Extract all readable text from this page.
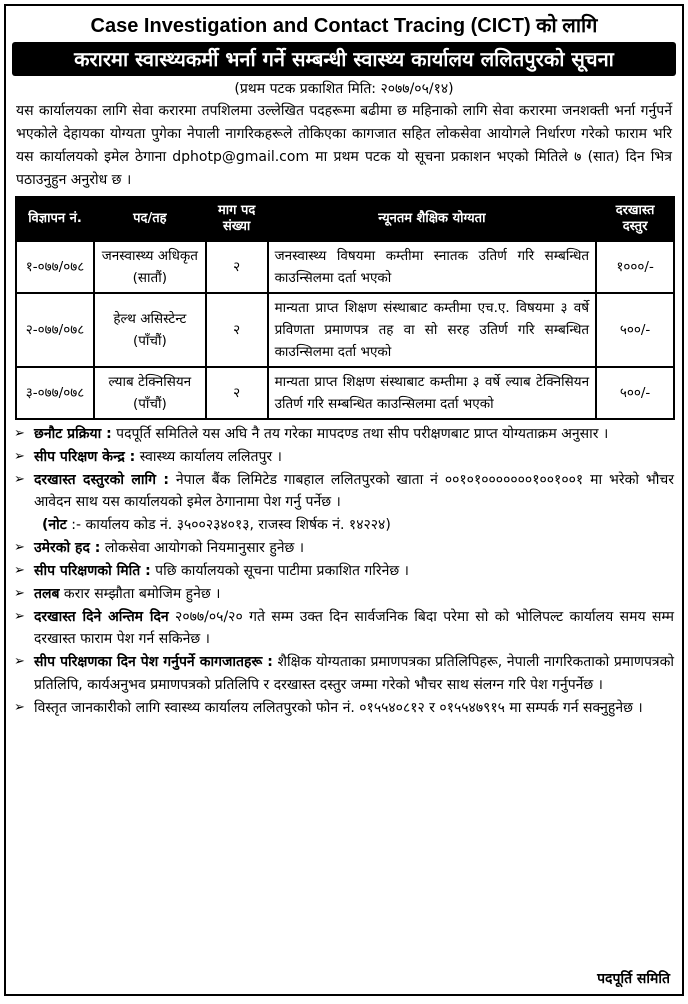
Case Investigation and Contact Tracing (CICT) को लागि
करारमा स्वास्थ्यकर्मी भर्ना गर्ने सम्बन्धी स्वास्थ्य कार्यालय ललितपुरको सूचना
(प्रथम पटक प्रकाशित मिति: २०७७/०५/१४)
यस कार्यालयका लागि सेवा करारमा तपशिलमा उल्लेखित पदहरूमा बढीमा छ महिनाको लागि सेवा करारमा जनशक्ती भर्ना गर्नुपर्ने भएकोले देहायका योग्यता पुगेका नेपाली नागरिकहरूले तोकिएका कागजात सहित लोकसेवा आयोगले निर्धारण गरेको फाराम भरि यस कार्यालयको इमेल ठेगाना dphotp@gmail.com मा प्रथम पटक यो सूचना प्रकाशन भएको मितिले ७ (सात) दिन भित्र पठाउनुहुन अनुरोध छ ।
विज्ञापन नं.	पद/तह	माग पद संख्या	न्यूनतम शैक्षिक योग्यता	दरखास्त दस्तुर
१-०७७/०७८	जनस्वास्थ्य अधिकृत (सातौं)	२	जनस्वास्थ्य विषयमा कम्तीमा स्नातक उतिर्ण गरि सम्बन्धित काउन्सिलमा दर्ता भएको	१०००/-
२-०७७/०७८	हेल्थ असिस्टेन्ट (पाँचौं)	२	मान्यता प्राप्त शिक्षण संस्थाबाट कम्तीमा एच.ए. विषयमा ३ वर्षे प्रविणता प्रमाणपत्र तह वा सो सरह उतिर्ण गरि सम्बन्धित काउन्सिलमा दर्ता भएको	५००/-
३-०७७/०७८	ल्याब टेक्निसियन (पाँचौं)	२	मान्यता प्राप्त शिक्षण संस्थाबाट कम्तीमा ३ वर्षे ल्याब टेक्निसियन उतिर्ण गरि सम्बन्धित काउन्सिलमा दर्ता भएको	५००/-
➢ छनौट प्रक्रिया : पदपूर्ति समितिले यस अघि नै तय गरेका मापदण्ड तथा सीप परीक्षणबाट प्राप्त योग्यताक्रम अनुसार ।
➢ सीप परिक्षण केन्द्र : स्वास्थ्य कार्यालय ललितपुर ।
➢ दरखास्त दस्तुरको लागि : नेपाल बैंक लिमिटेड गाबहाल ललितपुरको खाता नं ००१०१०००००००१००१००१ मा भरेको भौचर आवेदन साथ यस कार्यालयको इमेल ठेगानामा पेश गर्नु पर्नेछ ।
(नोट :- कार्यालय कोड नं. ३५००२३४०१३, राजस्व शिर्षक नं. १४२२४)
➢ उमेरको हद : लोकसेवा आयोगको नियमानुसार हुनेछ ।
➢ सीप परिक्षणको मिति : पछि कार्यालयको सूचना पाटीमा प्रकाशित गरिनेछ ।
➢ तलब करार सम्झौता बमोजिम हुनेछ ।
➢ दरखास्त दिने अन्तिम दिन २०७७/०५/२० गते सम्म उक्त दिन सार्वजनिक बिदा परेमा सो को भोलिपल्ट कार्यालय समय सम्म दरखास्त फाराम पेश गर्न सकिनेछ ।
➢ सीप परिक्षणका दिन पेश गर्नुपर्ने कागजातहरू : शैक्षिक योग्यताका प्रमाणपत्रका प्रतिलिपिहरू, नेपाली नागरिकताको प्रमाणपत्रको प्रतिलिपि, कार्यअनुभव प्रमाणपत्रको प्रतिलिपि र दरखास्त दस्तुर जम्मा गरेको भौचर साथ संलग्न गरि पेश गर्नुपर्नेछ ।
➢ विस्तृत जानकारीको लागि स्वास्थ्य कार्यालय ललितपुरको फोन नं. ०१५५४०८१२ र ०१५५४७९१५ मा सम्पर्क गर्न सक्नुहुनेछ ।
पदपूर्ति समिति
